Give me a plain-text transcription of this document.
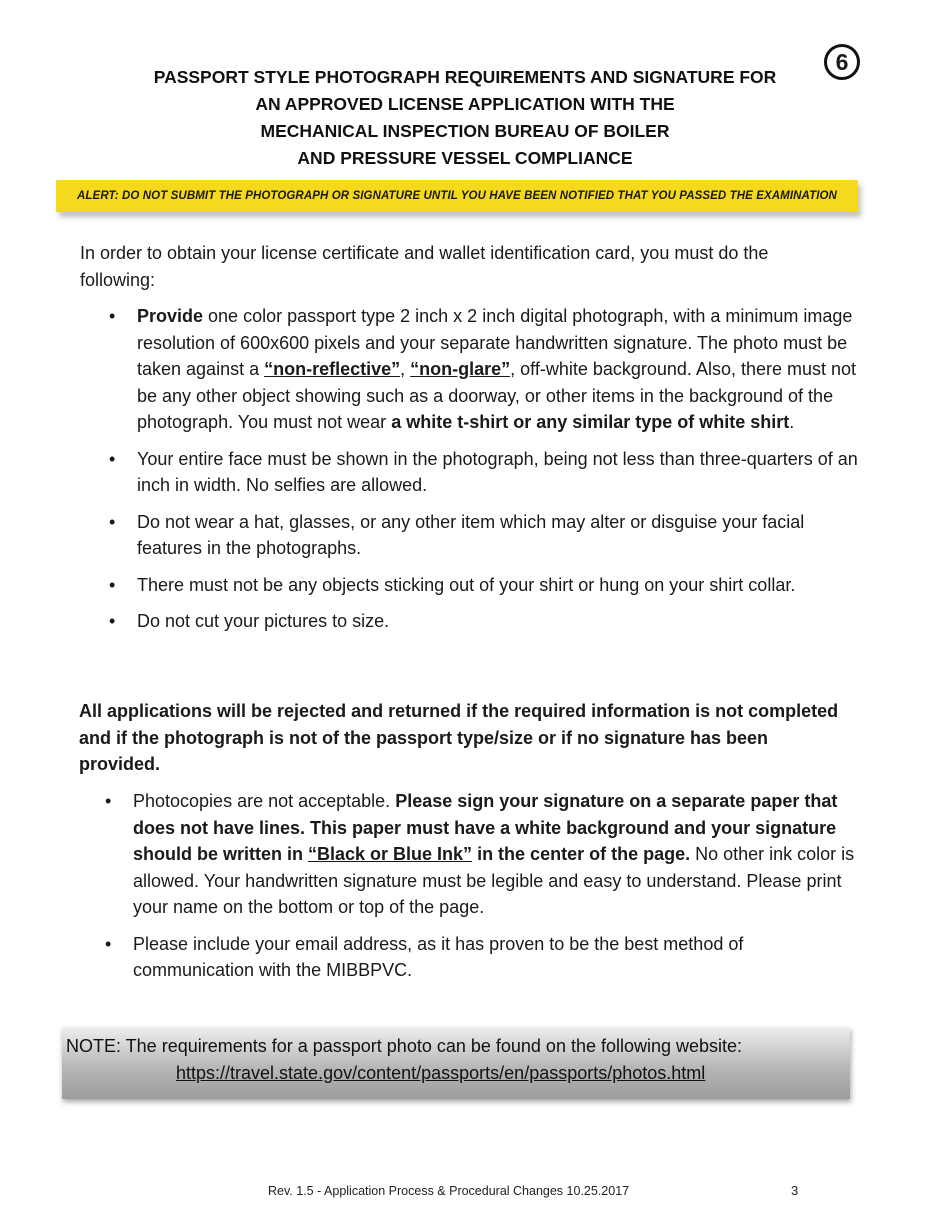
6
PASSPORT STYLE PHOTOGRAPH REQUIREMENTS AND SIGNATURE FOR
AN APPROVED LICENSE APPLICATION WITH THE
MECHANICAL INSPECTION BUREAU OF BOILER
AND PRESSURE VESSEL COMPLIANCE
ALERT: DO NOT SUBMIT THE PHOTOGRAPH OR SIGNATURE UNTIL YOU HAVE BEEN NOTIFIED THAT YOU PASSED THE EXAMINATION
In order to obtain your license certificate and wallet identification card, you must do the following:
• Provide one color passport type 2 inch x 2 inch digital photograph, with a minimum image resolution of 600x600 pixels and your separate handwritten signature. The photo must be taken against a “non-reflective”, “non-glare”, off-white background. Also, there must not be any other object showing such as a doorway, or other items in the background of the photograph. You must not wear a white t-shirt or any similar type of white shirt.
• Your entire face must be shown in the photograph, being not less than three-quarters of an inch in width. No selfies are allowed.
• Do not wear a hat, glasses, or any other item which may alter or disguise your facial features in the photographs.
• There must not be any objects sticking out of your shirt or hung on your shirt collar.
• Do not cut your pictures to size.
All applications will be rejected and returned if the required information is not completed and if the photograph is not of the passport type/size or if no signature has been provided.
• Photocopies are not acceptable. Please sign your signature on a separate paper that does not have lines. This paper must have a white background and your signature should be written in “Black or Blue Ink” in the center of the page. No other ink color is allowed. Your handwritten signature must be legible and easy to understand. Please print your name on the bottom or top of the page.
• Please include your email address, as it has proven to be the best method of communication with the MIBBPVC.
NOTE: The requirements for a passport photo can be found on the following website:
https://travel.state.gov/content/passports/en/passports/photos.html
Rev. 1.5 - Application Process & Procedural Changes 10.25.2017	3
